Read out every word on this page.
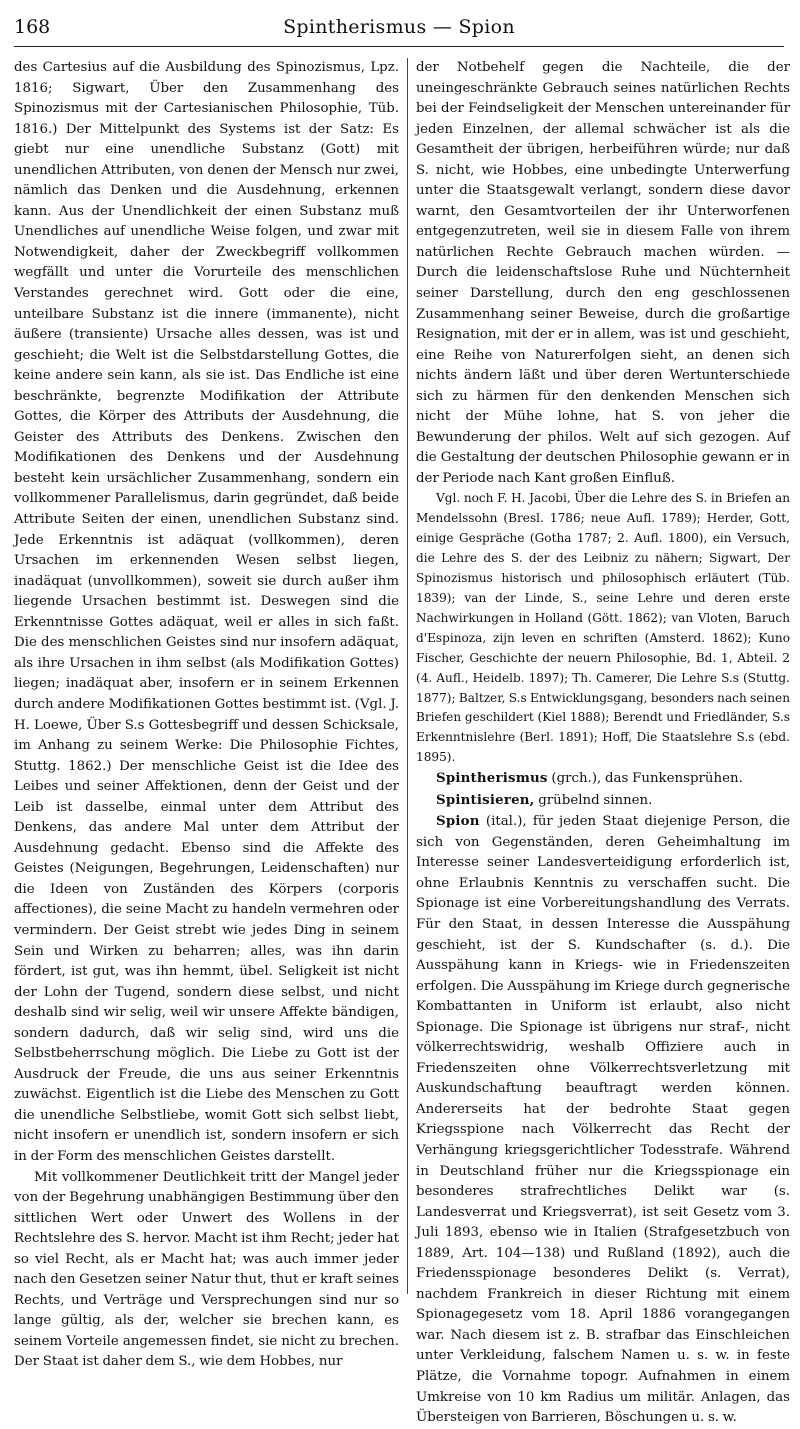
168	Spintherismus — Spion

des Cartesius auf die Ausbildung des Spinozismus, Lpz. 1816; Sigwart, Über den Zusammenhang des Spinozismus mit der Cartesianischen Philosophie, Tüb. 1816.) Der Mittelpunkt des Systems ist der Satz: Es giebt nur eine unendliche Substanz (Gott) mit unendlichen Attributen, von denen der Mensch nur zwei, nämlich das Denken und die Ausdehnung, erkennen kann. Aus der Unendlichkeit der einen Substanz muß Unendliches auf unendliche Weise folgen, und zwar mit Notwendigkeit, daher der Zweckbegriff vollkommen wegfällt und unter die Vorurteile des menschlichen Verstandes gerechnet wird. Gott oder die eine, unteilbare Substanz ist die innere (immanente), nicht äußere (transiente) Ursache alles dessen, was ist und geschieht; die Welt ist die Selbstdarstellung Gottes, die keine andere sein kann, als sie ist. Das Endliche ist eine beschränkte, begrenzte Modifikation der Attribute Gottes, die Körper des Attributs der Ausdehnung, die Geister des Attributs des Denkens. Zwischen den Modifikationen des Denkens und der Ausdehnung besteht kein ursächlicher Zusammenhang, sondern ein vollkommener Parallelismus, darin gegründet, daß beide Attribute Seiten der einen, unendlichen Substanz sind. Jede Erkenntnis ist adäquat (vollkommen), deren Ursachen im erkennenden Wesen selbst liegen, inadäquat (unvollkommen), soweit sie durch außer ihm liegende Ursachen bestimmt ist. Deswegen sind die Erkenntnisse Gottes adäquat, weil er alles in sich faßt. Die des menschlichen Geistes sind nur insofern adäquat, als ihre Ursachen in ihm selbst (als Modifikation Gottes) liegen; inadäquat aber, insofern er in seinem Erkennen durch andere Modifikationen Gottes bestimmt ist. (Vgl. J. H. Loewe, Über S.s Gottesbegriff und dessen Schicksale, im Anhang zu seinem Werke: Die Philosophie Fichtes, Stuttg. 1862.) Der menschliche Geist ist die Idee des Leibes und seiner Affektionen, denn der Geist und der Leib ist dasselbe, einmal unter dem Attribut des Denkens, das andere Mal unter dem Attribut der Ausdehnung gedacht. Ebenso sind die Affekte des Geistes (Neigungen, Begehrungen, Leidenschaften) nur die Ideen von Zuständen des Körpers (corporis affectiones), die seine Macht zu handeln vermehren oder vermindern. Der Geist strebt wie jedes Ding in seinem Sein und Wirken zu beharren; alles, was ihn darin fördert, ist gut, was ihn hemmt, übel. Seligkeit ist nicht der Lohn der Tugend, sondern diese selbst, und nicht deshalb sind wir selig, weil wir unsere Affekte bändigen, sondern dadurch, daß wir selig sind, wird uns die Selbstbeherrschung möglich. Die Liebe zu Gott ist der Ausdruck der Freude, die uns aus seiner Erkenntnis zuwächst. Eigentlich ist die Liebe des Menschen zu Gott die unendliche Selbstliebe, womit Gott sich selbst liebt, nicht insofern er unendlich ist, sondern insofern er sich in der Form des menschlichen Geistes darstellt.

Mit vollkommener Deutlichkeit tritt der Mangel jeder von der Begehrung unabhängigen Bestimmung über den sittlichen Wert oder Unwert des Wollens in der Rechtslehre des S. hervor. Macht ist ihm Recht; jeder hat so viel Recht, als er Macht hat; was auch immer jeder nach den Gesetzen seiner Natur thut, thut er kraft seines Rechts, und Verträge und Versprechungen sind nur so lange gültig, als der, welcher sie brechen kann, es seinem Vorteile angemessen findet, sie nicht zu brechen. Der Staat ist daher dem S., wie dem Hobbes, nur

der Notbehelf gegen die Nachteile, die der uneingeschränkte Gebrauch seines natürlichen Rechts bei der Feindseligkeit der Menschen untereinander für jeden Einzelnen, der allemal schwächer ist als die Gesamtheit der übrigen, herbeiführen würde; nur daß S. nicht, wie Hobbes, eine unbedingte Unterwerfung unter die Staatsgewalt verlangt, sondern diese davor warnt, den Gesamtvorteilen der ihr Unterworfenen entgegenzutreten, weil sie in diesem Falle von ihrem natürlichen Rechte Gebrauch machen würden. — Durch die leidenschaftslose Ruhe und Nüchternheit seiner Darstellung, durch den eng geschlossenen Zusammenhang seiner Beweise, durch die großartige Resignation, mit der er in allem, was ist und geschieht, eine Reihe von Naturerfolgen sieht, an denen sich nichts ändern läßt und über deren Wertunterschiede sich zu härmen für den denkenden Menschen sich nicht der Mühe lohne, hat S. von jeher die Bewunderung der philos. Welt auf sich gezogen. Auf die Gestaltung der deutschen Philosophie gewann er in der Periode nach Kant großen Einfluß.

Vgl. noch F. H. Jacobi, Über die Lehre des S. in Briefen an Mendelssohn (Bresl. 1786; neue Aufl. 1789); Herder, Gott, einige Gespräche (Gotha 1787; 2. Aufl. 1800), ein Versuch, die Lehre des S. der des Leibniz zu nähern; Sigwart, Der Spinozismus historisch und philosophisch erläutert (Tüb. 1839); van der Linde, S., seine Lehre und deren erste Nachwirkungen in Holland (Gött. 1862); van Vloten, Baruch d'Espinoza, zijn leven en schriften (Amsterd. 1862); Kuno Fischer, Geschichte der neuern Philosophie, Bd. 1, Abteil. 2 (4. Aufl., Heidelb. 1897); Th. Camerer, Die Lehre S.s (Stuttg. 1877); Baltzer, S.s Entwicklungsgang, besonders nach seinen Briefen geschildert (Kiel 1888); Berendt und Friedländer, S.s Erkenntnislehre (Berl. 1891); Hoff, Die Staatslehre S.s (ebd. 1895).

Spintherismus (grch.), das Funkensprühen.

Spintisieren, grübelnd sinnen.

Spion (ital.), für jeden Staat diejenige Person, die sich von Gegenständen, deren Geheimhaltung im Interesse seiner Landesverteidigung erforderlich ist, ohne Erlaubnis Kenntnis zu verschaffen sucht. Die Spionage ist eine Vorbereitungshandlung des Verrats. Für den Staat, in dessen Interesse die Ausspähung geschieht, ist der S. Kundschafter (s. d.). Die Ausspähung kann in Kriegs- wie in Friedenszeiten erfolgen. Die Ausspähung im Kriege durch gegnerische Kombattanten in Uniform ist erlaubt, also nicht Spionage. Die Spionage ist übrigens nur straf-, nicht völkerrechtswidrig, weshalb Offiziere auch in Friedenszeiten ohne Völkerrechtsverletzung mit Auskundschaftung beauftragt werden können. Andererseits hat der bedrohte Staat gegen Kriegsspione nach Völkerrecht das Recht der Verhängung kriegsgerichtlicher Todesstrafe. Während in Deutschland früher nur die Kriegsspionage ein besonderes strafrechtliches Delikt war (s. Landesverrat und Kriegsverrat), ist seit Gesetz vom 3. Juli 1893, ebenso wie in Italien (Strafgesetzbuch von 1889, Art. 104—138) und Rußland (1892), auch die Friedensspionage besonderes Delikt (s. Verrat), nachdem Frankreich in dieser Richtung mit einem Spionagegesetz vom 18. April 1886 vorangegangen war. Nach diesem ist z. B. strafbar das Einschleichen unter Verkleidung, falschem Namen u. s. w. in feste Plätze, die Vornahme topogr. Aufnahmen in einem Umkreise von 10 km Radius um militär. Anlagen, das Übersteigen von Barrieren, Böschungen u. s. w.
